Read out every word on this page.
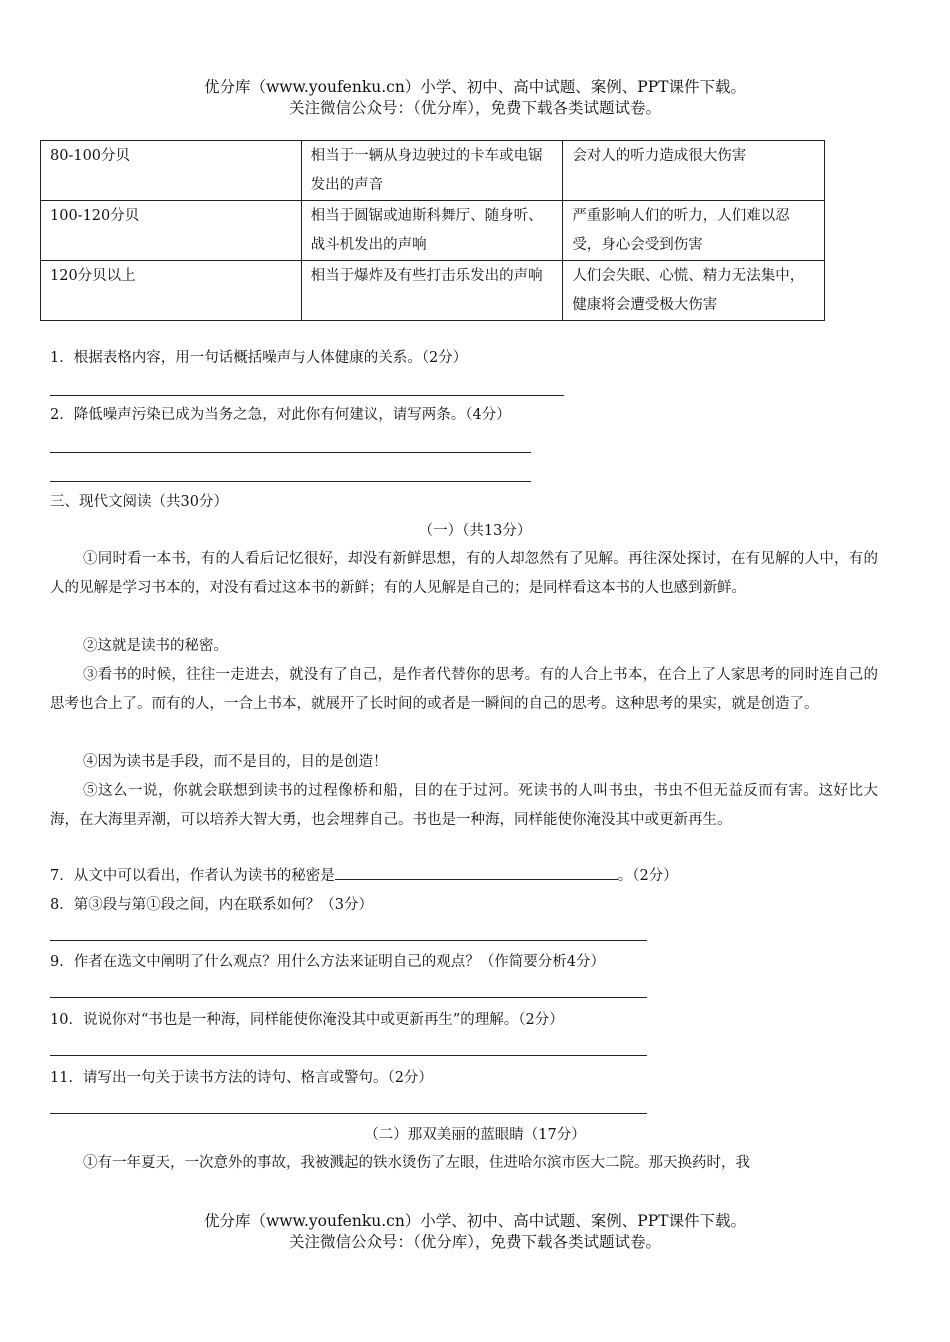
优分库（www.youfenku.cn）小学、初中、高中试题、案例、PPT课件下载。
关注微信公众号：（优分库），免费下载各类试题试卷。
80-100分贝	相当于一辆从身边驶过的卡车或电锯发出的声音	会对人的听力造成很大伤害
100-120分贝	相当于圆锯或迪斯科舞厅、随身听、战斗机发出的声响	严重影响人们的听力，人们难以忍受，身心会受到伤害
120分贝以上	相当于爆炸及有些打击乐发出的声响	人们会失眠、心慌、精力无法集中，健康将会遭受极大伤害
1．根据表格内容，用一句话概括噪声与人体健康的关系。（2分）
2．降低噪声污染已成为当务之急，对此你有何建议，请写两条。（4分）
三、现代文阅读（共30分）
（一）（共13分）

①同时看一本书，有的人看后记忆很好，却没有新鲜思想，有的人却忽然有了见解。再往深处探讨，在有见解的人中，有的人的见解是学习书本的，对没有看过这本书的新鲜；有的人见解是自己的；是同样看这本书的人也感到新鲜。

②这就是读书的秘密。

③看书的时候，往往一走进去，就没有了自己，是作者代替你的思考。有的人合上书本，在合上了人家思考的同时连自己的思考也合上了。而有的人，一合上书本，就展开了长时间的或者是一瞬间的自己的思考。这种思考的果实，就是创造了。

④因为读书是手段，而不是目的，目的是创造！

⑤这么一说，你就会联想到读书的过程像桥和船，目的在于过河。死读书的人叫书虫，书虫不但无益反而有害。这好比大海，在大海里弄潮，可以培养大智大勇，也会埋葬自己。书也是一种海，同样能使你淹没其中或更新再生。

7．从文中可以看出，作者认为读书的秘密是	。（2分）
8．第③段与第①段之间，内在联系如何？（3分）
9．作者在选文中阐明了什么观点？用什么方法来证明自己的观点？（作简要分析4分）
10．说说你对“书也是一种海，同样能使你淹没其中或更新再生”的理解。（2分）
11．请写出一句关于读书方法的诗句、格言或警句。（2分）
（二）那双美丽的蓝眼睛（17分）

①有一年夏天，一次意外的事故，我被溅起的铁水烫伤了左眼，住进哈尔滨市医大二院。那天换药时，我

优分库（www.youfenku.cn）小学、初中、高中试题、案例、PPT课件下载。
关注微信公众号：（优分库），免费下载各类试题试卷。
